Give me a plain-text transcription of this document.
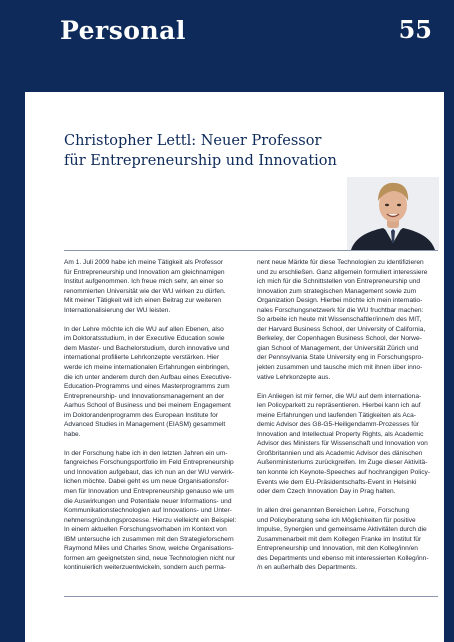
Personal	55
Christopher Lettl: Neuer Professor
für Entrepreneurship und Innovation

Am 1. Juli 2009 habe ich meine Tätigkeit als Professor
für Entrepreneurship und Innovation am gleichnamigen
Institut aufgenommen. Ich freue mich sehr, an einer so
renommierten Universität wie der WU wirken zu dürfen.
Mit meiner Tätigkeit will ich einen Beitrag zur weiteren
Internationalisierung der WU leisten.

In der Lehre möchte ich die WU auf allen Ebenen, also
im Doktoratsstudium, in der Executive Education sowie
dem Master- und Bachelorstudium, durch innovative und
international profilierte Lehrkonzepte verstärken. Hier
werde ich meine internationalen Erfahrungen einbringen,
die ich unter anderem durch den Aufbau eines Executive-
Education-Programms und eines Masterprogramms zum
Entrepreneurship- und Innovationsmanagement an der
Aarhus School of Business und bei meinem Engagement
im Doktorandenprogramm des European Institute for
Advanced Studies in Management (EIASM) gesammelt
habe.

In der Forschung habe ich in den letzten Jahren ein um-
fangreiches Forschungsportfolio im Feld Entrepreneurship
und Innovation aufgebaut, das ich nun an der WU verwirk-
lichen möchte. Dabei geht es um neue Organisationsfor-
men für Innovation und Entrepreneurship genauso wie um
die Auswirkungen und Potentiale neuer Informations- und
Kommunikationstechnologien auf Innovations- und Unter-
nehmensgründungsprozesse. Hierzu vielleicht ein Beispiel:
In einem aktuellen Forschungsvorhaben im Kontext von
IBM untersuche ich zusammen mit den Strategieforschern
Raymond Miles und Charles Snow, welche Organisations-
formen am geeignetsten sind, neue Technologien nicht nur
kontinuierlich weiterzuentwickeln, sondern auch perma-

nent neue Märkte für diese Technologien zu identifizieren
und zu erschließen. Ganz allgemein formuliert interessiere
ich mich für die Schnittstellen von Entrepreneurship und
Innovation zum strategischen Management sowie zum
Organization Design. Hierbei möchte ich mein internatio-
nales Forschungsnetzwerk für die WU fruchtbar machen:
So arbeite ich heute mit Wissenschaftler/inne/n des MIT,
der Harvard Business School, der University of California,
Berkeley, der Copenhagen Business School, der Norwe-
gian School of Management, der Universität Zürich und
der Pennsylvania State University eng in Forschungspro-
jekten zusammen und tausche mich mit ihnen über inno-
vative Lehrkonzepte aus.

Ein Anliegen ist mir ferner, die WU auf dem internationa-
len Policyparkett zu repräsentieren. Hierbei kann ich auf
meine Erfahrungen und laufenden Tätigkeiten als Aca-
demic Advisor des G8-G5-Heiligendamm-Prozesses für
Innovation and Intellectual Property Rights, als Academic
Advisor des Ministers für Wissenschaft und Innovation von
Großbritannien und als Academic Advisor des dänischen
Außenministeriums zurückgreifen. Im Zuge dieser Aktivitä-
ten konnte ich Keynote-Speeches auf hochrangigen Policy-
Events wie dem EU-Präsidentschafts-Event in Helsinki
oder dem Czech Innovation Day in Prag halten.

In allen drei genannten Bereichen Lehre, Forschung
und Policyberatung sehe ich Möglichkeiten für positive
Impulse, Synergien und gemeinsame Aktivitäten durch die
Zusammenarbeit mit dem Kollegen Franke im Institut für
Entrepreneurship und Innovation, mit den Kolleg/inn/en
des Departments und ebenso mit interessierten Kolleg/inn-
/n en außerhalb des Departments.
